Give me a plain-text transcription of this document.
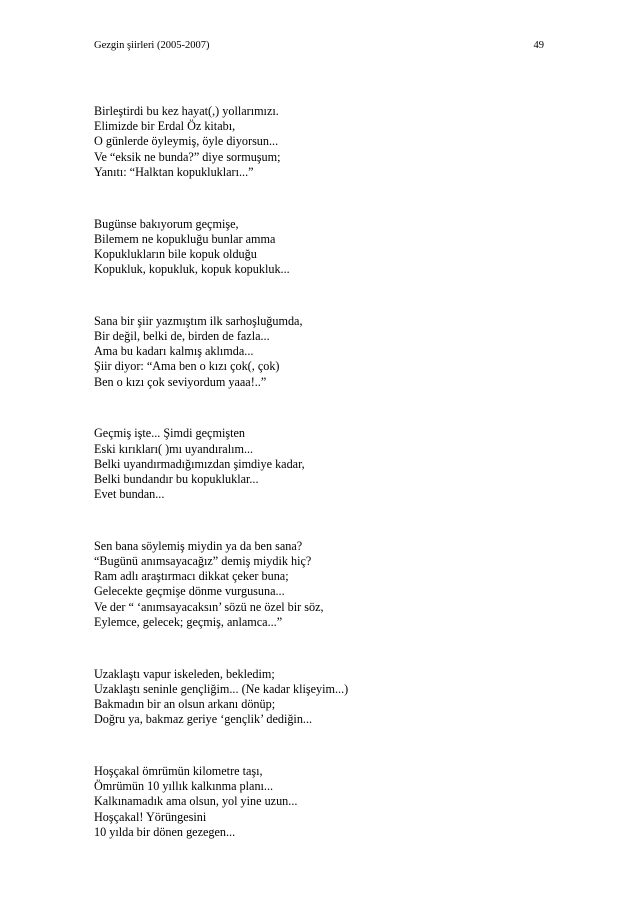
Gezgin şiirleri (2005-2007)	49
Birleştirdi bu kez hayat(,) yollarımızı.
Elimizde bir Erdal Öz kitabı,
O günlerde öyleymiş, öyle diyorsun...
Ve “eksik ne bunda?” diye sormuşum;
Yanıtı: “Halktan kopuklukları...”
Bugünse bakıyorum geçmişe,
Bilemem ne kopukluğu bunlar amma
Kopuklukların bile kopuk olduğu
Kopukluk, kopukluk, kopuk kopukluk...
Sana bir şiir yazmıştım ilk sarhoşluğumda,
Bir değil, belki de, birden de fazla...
Ama bu kadarı kalmış aklımda...
Şiir diyor: “Ama ben o kızı çok(, çok)
Ben o kızı çok seviyordum yaaa!..”
Geçmiş işte... Şimdi geçmişten
Eski kırıkları( )mı uyandıralım...
Belki uyandırmadığımızdan şimdiye kadar,
Belki bundandır bu kopukluklar...
Evet bundan...
Sen bana söylemiş miydin ya da ben sana?
“Bugünü anımsayacağız” demiş miydik hiç?
Ram adlı araştırmacı dikkat çeker buna;
Gelecekte geçmişe dönme vurgusuna...
Ve der “ ‘anımsayacaksın’ sözü ne özel bir söz,
Eylemce, gelecek; geçmiş, anlamca...”
Uzaklaştı vapur iskeleden, bekledim;
Uzaklaştı seninle gençliğim... (Ne kadar klişeyim...)
Bakmadın bir an olsun arkanı dönüp;
Doğru ya, bakmaz geriye ‘gençlik’ dediğin...
Hoşçakal ömrümün kilometre taşı,
Ömrümün 10 yıllık kalkınma planı...
Kalkınamadık ama olsun, yol yine uzun...
Hoşçakal! Yörüngesini
10 yılda bir dönen gezegen...
